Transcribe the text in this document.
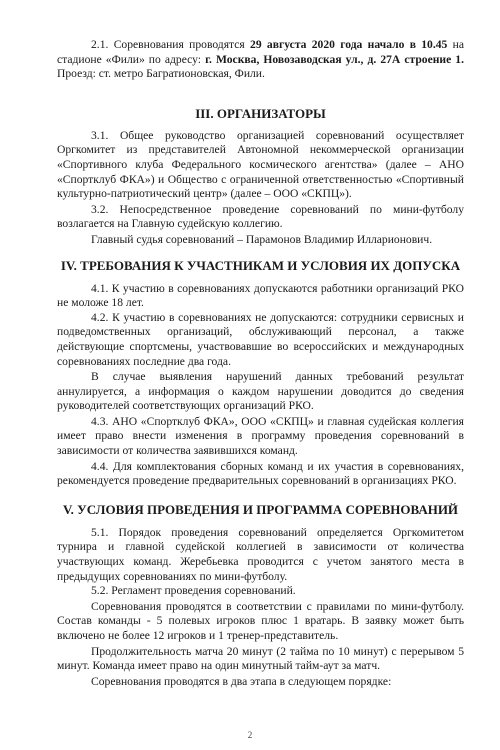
2.1. Соревнования проводятся 29 августа 2020 года начало в 10.45 на стадионе «Фили» по адресу: г. Москва, Новозаводская ул., д. 27А строение 1. Проезд: ст. метро Багратионовская, Фили.

III. ОРГАНИЗАТОРЫ

3.1. Общее руководство организацией соревнований осуществляет Оргкомитет из представителей Автономной некоммерческой организации «Спортивного клуба Федерального космического агентства» (далее – АНО «Спортклуб ФКА») и Общество с ограниченной ответственностью «Спортивный культурно-патриотический центр» (далее – ООО «СКПЦ»).

3.2. Непосредственное проведение соревнований по мини-футболу возлагается на Главную судейскую коллегию.

Главный судья соревнований – Парамонов Владимир Илларионович.

IV. ТРЕБОВАНИЯ К УЧАСТНИКАМ И УСЛОВИЯ ИХ ДОПУСКА

4.1. К участию в соревнованиях допускаются работники организаций РКО не моложе 18 лет.

4.2. К участию в соревнованиях не допускаются: сотрудники сервисных и подведомственных организаций, обслуживающий персонал, а также действующие спортсмены, участвовавшие во всероссийских и международных соревнованиях последние два года.

В случае выявления нарушений данных требований результат аннулируется, а информация о каждом нарушении доводится до сведения руководителей соответствующих организаций РКО.

4.3. АНО «Спортклуб ФКА», ООО «СКПЦ» и главная судейская коллегия имеет право внести изменения в программу проведения соревнований в зависимости от количества заявившихся команд.

4.4. Для комплектования сборных команд и их участия в соревнованиях, рекомендуется проведение предварительных соревнований в организациях РКО.

V. УСЛОВИЯ ПРОВЕДЕНИЯ И ПРОГРАММА СОРЕВНОВАНИЙ

5.1. Порядок проведения соревнований определяется Оргкомитетом турнира и главной судейской коллегией в зависимости от количества участвующих команд. Жеребьевка проводится с учетом занятого места в предыдущих соревнованиях по мини-футболу.

5.2. Регламент проведения соревнований.

Соревнования проводятся в соответствии с правилами по мини-футболу. Состав команды - 5 полевых игроков плюс 1 вратарь. В заявку может быть включено не более 12 игроков и 1 тренер-представитель.

Продолжительность матча 20 минут (2 тайма по 10 минут) с перерывом 5 минут. Команда имеет право на один минутный тайм-аут за матч.

Соревнования проводятся в два этапа в следующем порядке:

2
